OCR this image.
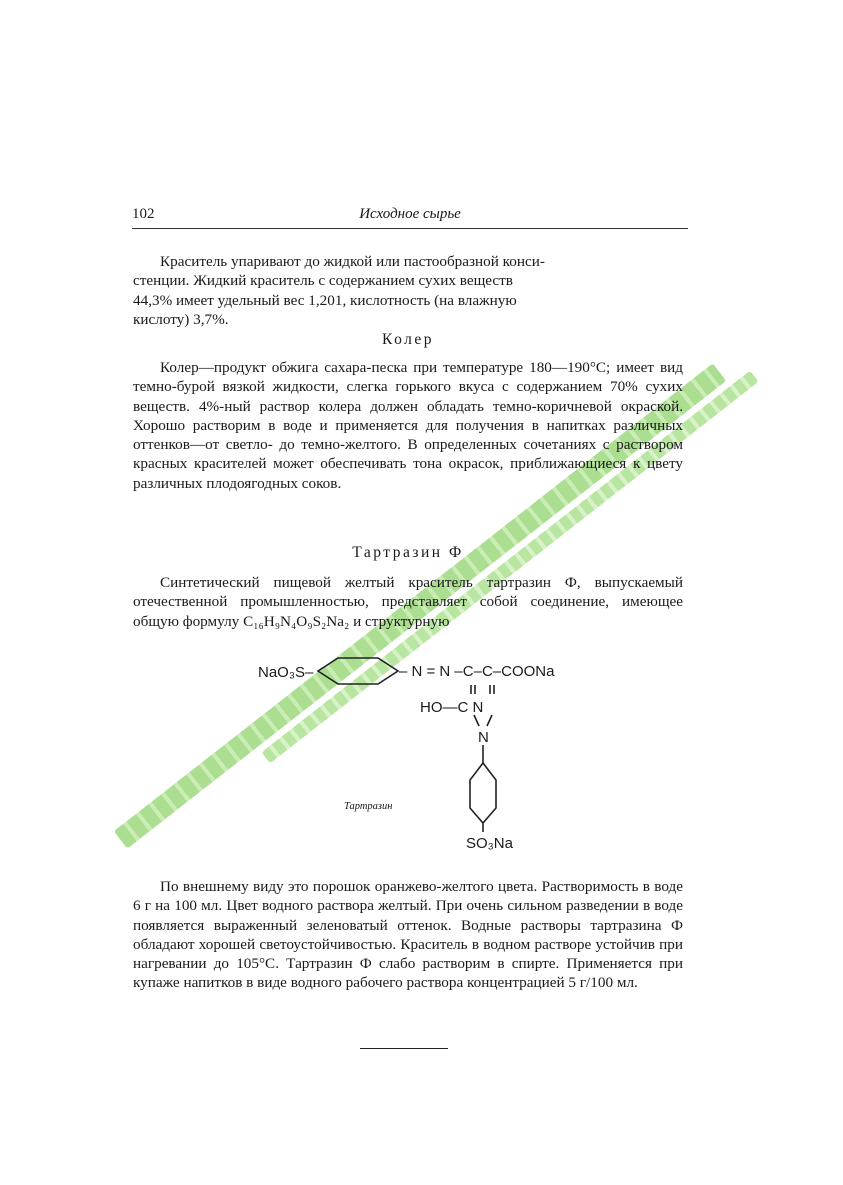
102	Исходное сырье
Краситель упаривают до жидкой или пастообразной конси-
стенции. Жидкий краситель с содержанием сухих веществ
44,3% имеет удельный вес 1,201, кислотность (на влажную
кислоту) 3,7%.
Колер

Колер—продукт обжига сахара-песка при температуре 180—190°С; имеет вид темно-бурой вязкой жидкости, слегка горького вкуса с содержанием 70% сухих веществ. 4%-ный раствор колера должен обладать темно-коричневой окраской. Хорошо растворим в воде и применяется для получения в напитках различных оттенков—от светло- до темно-желтого. В определенных сочетаниях с раствором красных красителей может обеспечивать тона окрасок, приближающиеся к цвету различных плодоягодных соков.

Тартразин Ф

Синтетический пищевой желтый краситель тартразин Ф, выпускаемый отечественной промышленностью, представляет собой соединение, имеющее общую формулу C₁₆H₉N₄O₉S₂Na₂ и структурную

NaO₃S–	– N = N –C–C–COONa
HO—C N
N
SO₃Na
Тартразин

По внешнему виду это порошок оранжево-желтого цвета. Растворимость в воде 6 г на 100 мл. Цвет водного раствора желтый. При очень сильном разведении в воде появляется выраженный зеленоватый оттенок. Водные растворы тартразина Ф обладают хорошей светоустойчивостью. Краситель в водном растворе устойчив при нагревании до 105°С. Тартразин Ф слабо растворим в спирте. Применяется при купаже напитков в виде водного рабочего раствора концентрацией 5 г/100 мл.
